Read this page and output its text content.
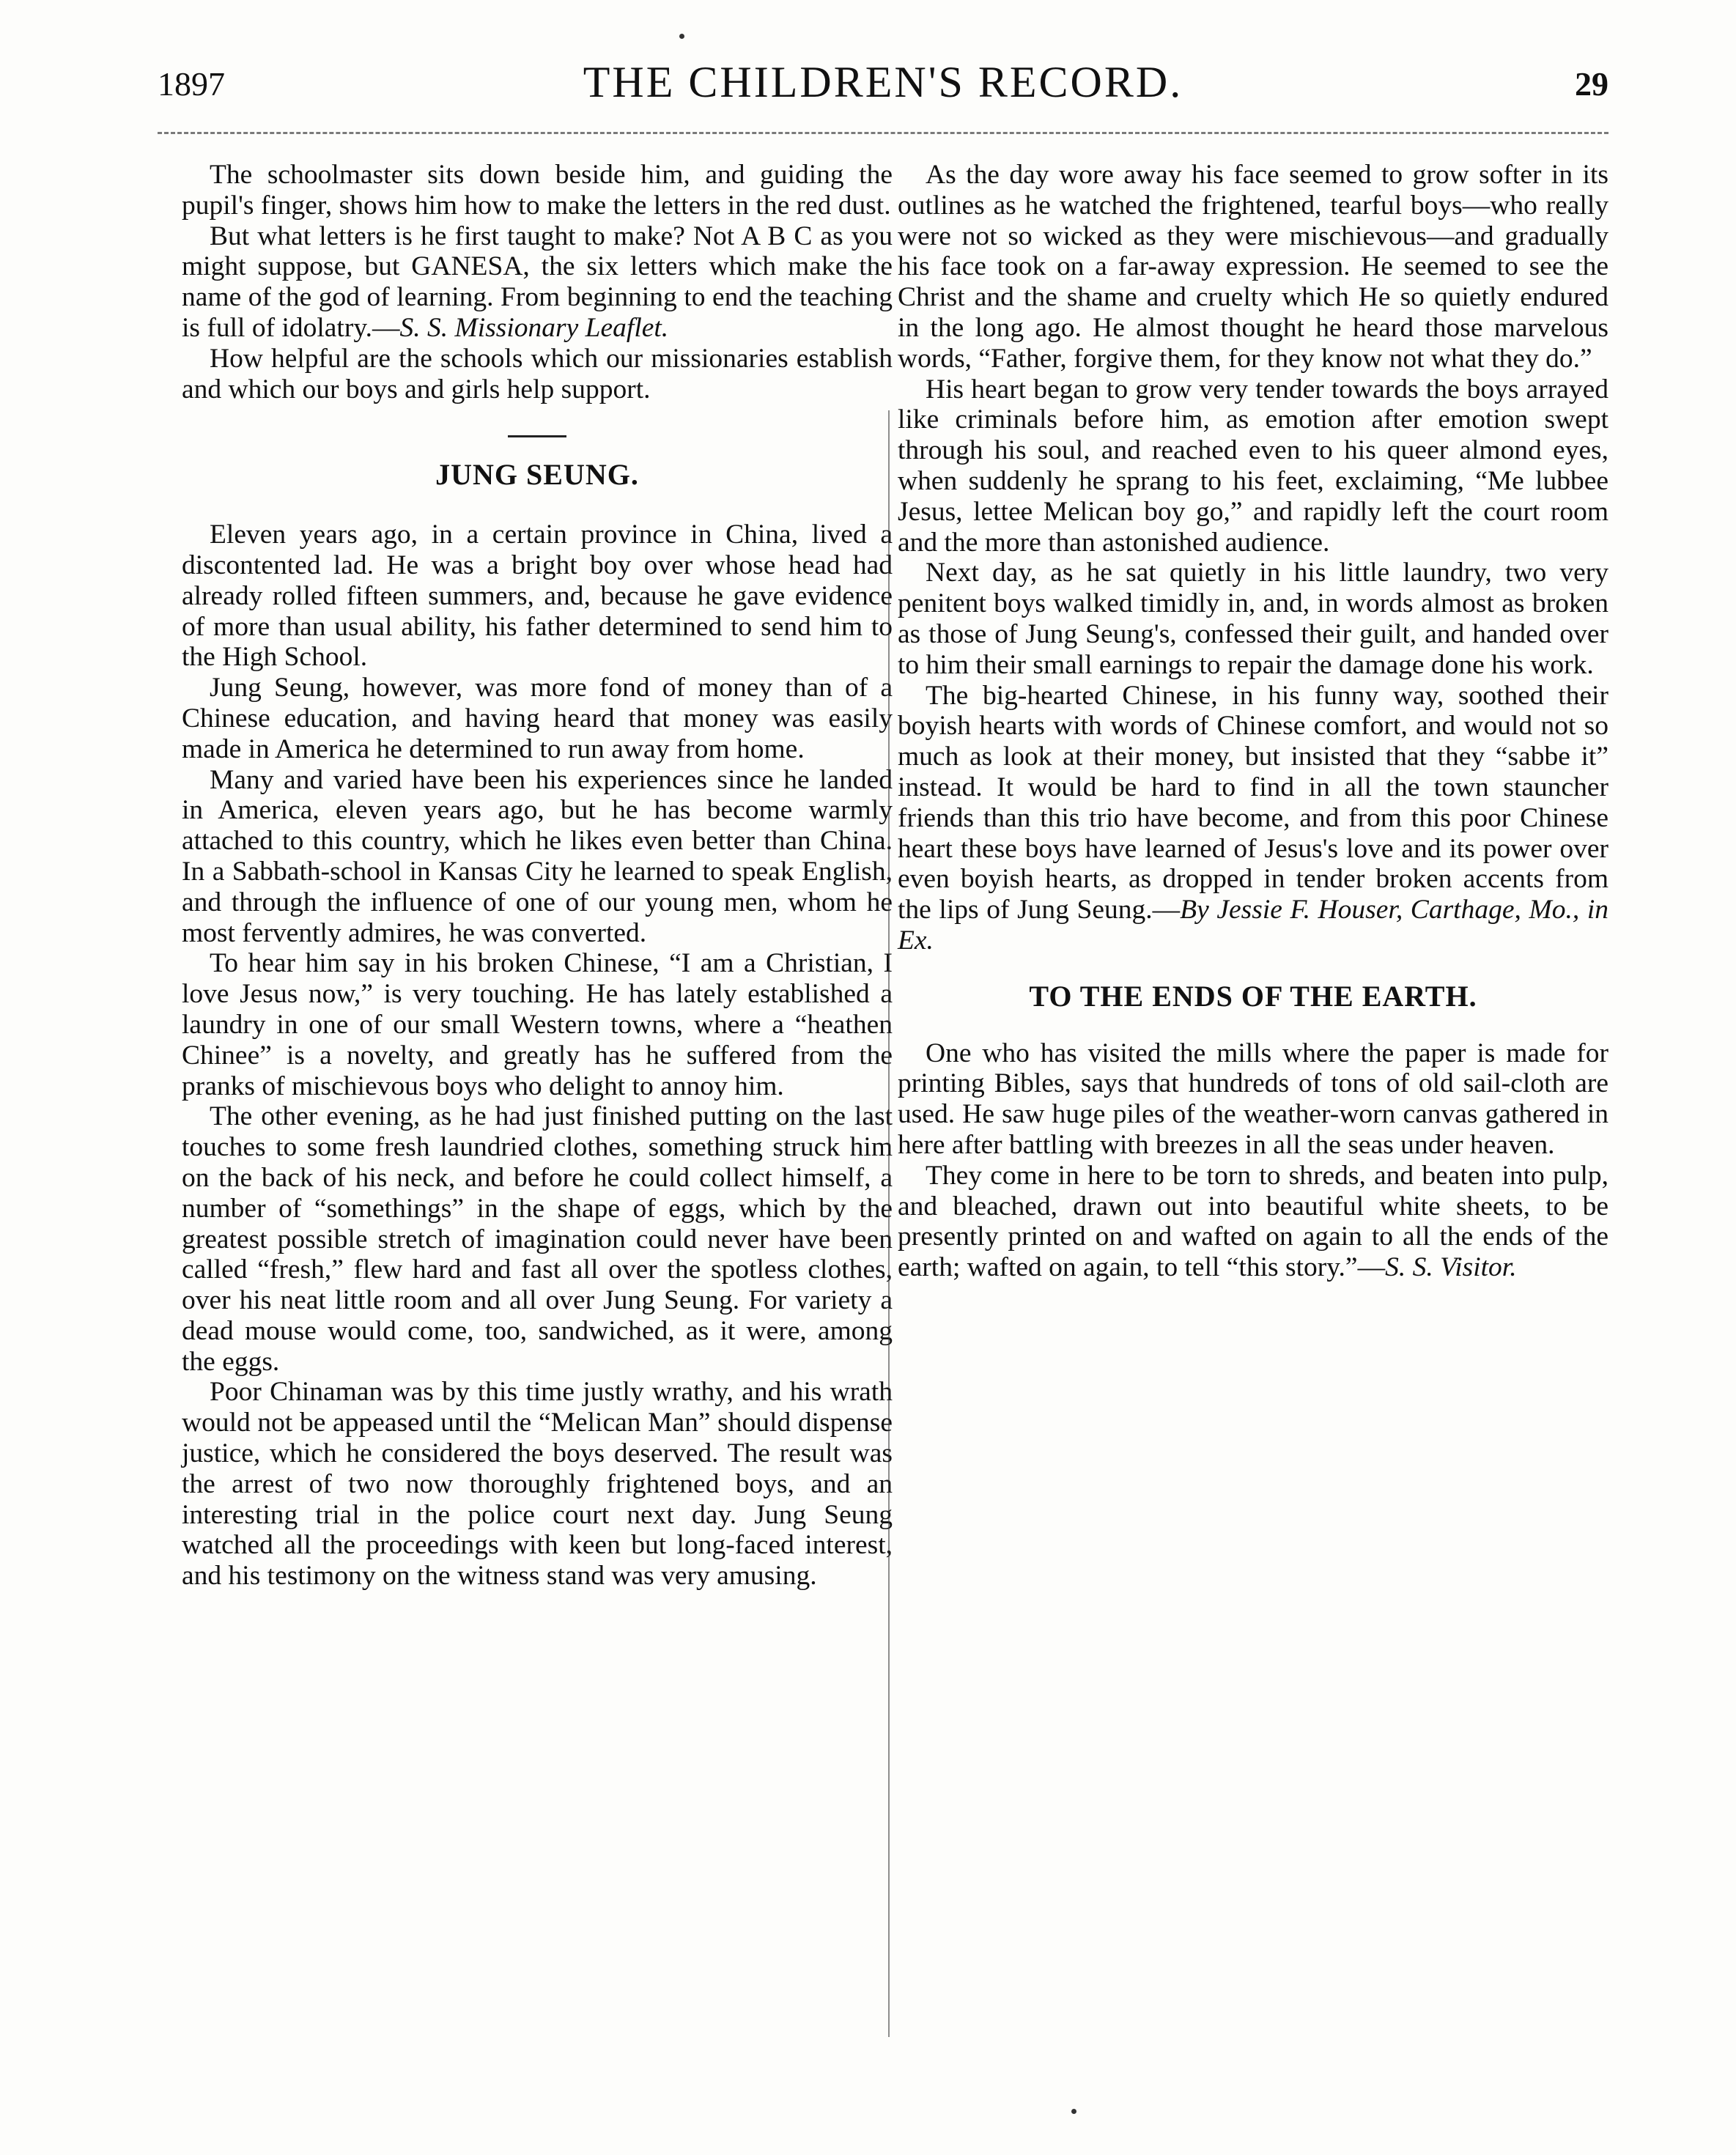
1897	THE CHILDREN'S RECORD.	29

The schoolmaster sits down beside him, and guiding the pupil's finger, shows him how to make the letters in the red dust.

But what letters is he first taught to make? Not A B C as you might suppose, but GANESA, the six letters which make the name of the god of learning. From beginning to end the teaching is full of idolatry.—S. S. Missionary Leaflet.

How helpful are the schools which our missionaries establish and which our boys and girls help support.

JUNG SEUNG.

Eleven years ago, in a certain province in China, lived a discontented lad. He was a bright boy over whose head had already rolled fifteen summers, and, because he gave evidence of more than usual ability, his father determined to send him to the High School.

Jung Seung, however, was more fond of money than of a Chinese education, and having heard that money was easily made in America he determined to run away from home.

Many and varied have been his experiences since he landed in America, eleven years ago, but he has become warmly attached to this country, which he likes even better than China. In a Sabbath-school in Kansas City he learned to speak English, and through the influence of one of our young men, whom he most fervently admires, he was converted.

To hear him say in his broken Chinese, “I am a Christian, I love Jesus now,” is very touching. He has lately established a laundry in one of our small Western towns, where a “heathen Chinee” is a novelty, and greatly has he suffered from the pranks of mischievous boys who delight to annoy him.

The other evening, as he had just finished putting on the last touches to some fresh laundried clothes, something struck him on the back of his neck, and before he could collect himself, a number of “somethings” in the shape of eggs, which by the greatest possible stretch of imagination could never have been called “fresh,” flew hard and fast all over the spotless clothes, over his neat little room and all over Jung Seung. For variety a dead mouse would come, too, sandwiched, as it were, among the eggs.

Poor Chinaman was by this time justly wrathy, and his wrath would not be appeased until the “Melican Man” should dispense justice, which he considered the boys deserved. The result was the arrest of two now thoroughly frightened boys, and an interesting trial in the police court next day. Jung Seung watched all the proceedings with keen but long-faced interest, and his testimony on the witness stand was very amusing.

As the day wore away his face seemed to grow softer in its outlines as he watched the frightened, tearful boys—who really were not so wicked as they were mischievous—and gradually his face took on a far-away expression. He seemed to see the Christ and the shame and cruelty which He so quietly endured in the long ago. He almost thought he heard those marvelous words, “Father, forgive them, for they know not what they do.”

His heart began to grow very tender towards the boys arrayed like criminals before him, as emotion after emotion swept through his soul, and reached even to his queer almond eyes, when suddenly he sprang to his feet, exclaiming, “Me lubbee Jesus, lettee Melican boy go,” and rapidly left the court room and the more than astonished audience.

Next day, as he sat quietly in his little laundry, two very penitent boys walked timidly in, and, in words almost as broken as those of Jung Seung's, confessed their guilt, and handed over to him their small earnings to repair the damage done his work.

The big-hearted Chinese, in his funny way, soothed their boyish hearts with words of Chinese comfort, and would not so much as look at their money, but insisted that they “sabbe it” instead. It would be hard to find in all the town stauncher friends than this trio have become, and from this poor Chinese heart these boys have learned of Jesus's love and its power over even boyish hearts, as dropped in tender broken accents from the lips of Jung Seung.—By Jessie F. Houser, Carthage, Mo., in Ex.

TO THE ENDS OF THE EARTH.

One who has visited the mills where the paper is made for printing Bibles, says that hundreds of tons of old sail-cloth are used. He saw huge piles of the weather-worn canvas gathered in here after battling with breezes in all the seas under heaven.

They come in here to be torn to shreds, and beaten into pulp, and bleached, drawn out into beautiful white sheets, to be presently printed on and wafted on again to all the ends of the earth; wafted on again, to tell “this story.”—S. S. Visitor.
